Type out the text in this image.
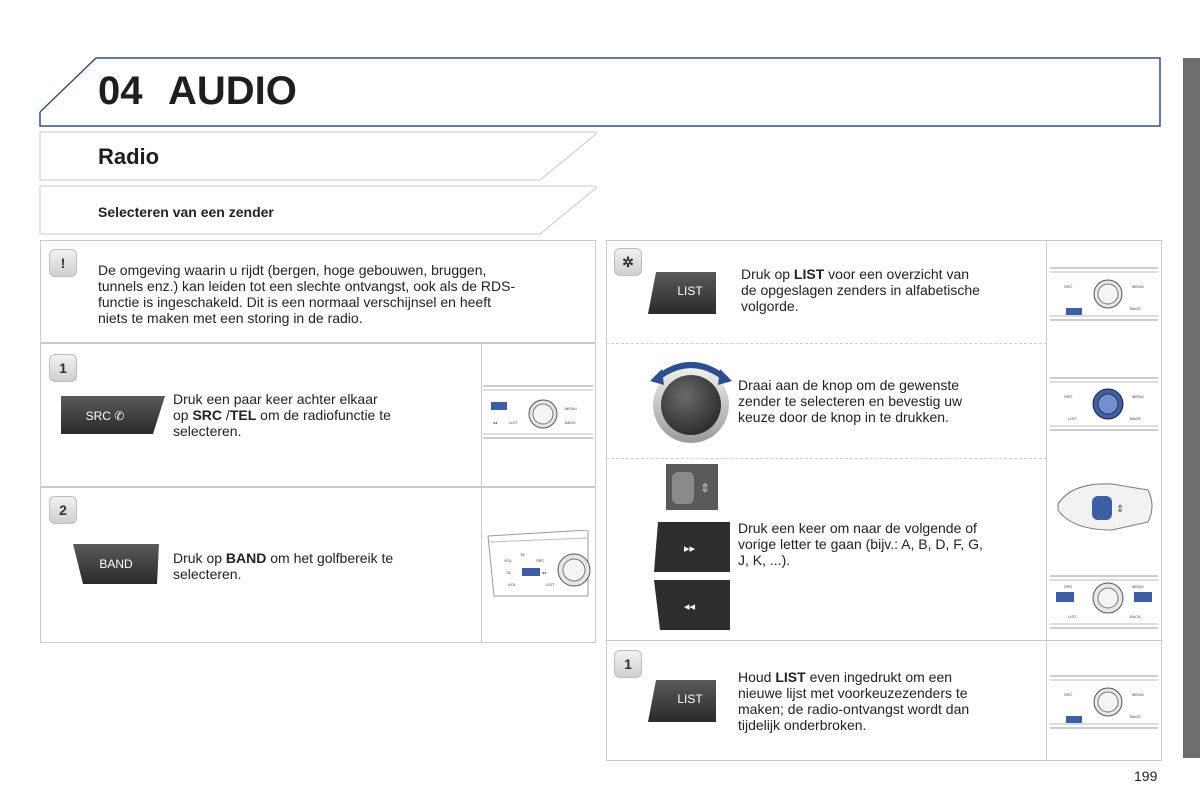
04 AUDIO
Radio
Selecteren van een zender
!	De omgeving waarin u rijdt (bergen, hoge gebouwen, bruggen,
tunnels enz.) kan leiden tot een slechte ontvangst, ook als de RDS-
functie is ingeschakeld. Dit is een normaal verschijnsel en heeft
niets te maken met een storing in de radio.
1
SRC
✆
Druk een paar keer achter elkaar
op SRC /TEL om de radiofunctie te
selecteren.
2
BAND	Druk op BAND om het golfbereik te
selecteren.
MENU
◂◂	LIST	BACK
VOL
TA
SRC
TA	◂◂
VOL	LIST
✲
LIST
Druk op LIST voor een overzicht van
de opgeslagen zenders in alfabetische
volgorde.
Draai aan de knop om de gewenste
zender te selecteren en bevestig uw
keuze door de knop in te drukken.
⇕
▸▸
◂◂
Druk een keer om naar de volgende of
vorige letter te gaan (bijv.: A, B, D, F, G,
J, K, ...).
1
LIST
Houd LIST even ingedrukt om een
nieuwe lijst met voorkeuzezenders te
maken; de radio-ontvangst wordt dan
tijdelijk onderbroken.
SRC	MENU
BACK
SRC	MENU
LIST	BACK
⇕
SRC	MENU
LIST	BACK
SRC	MENU
BACK
199
